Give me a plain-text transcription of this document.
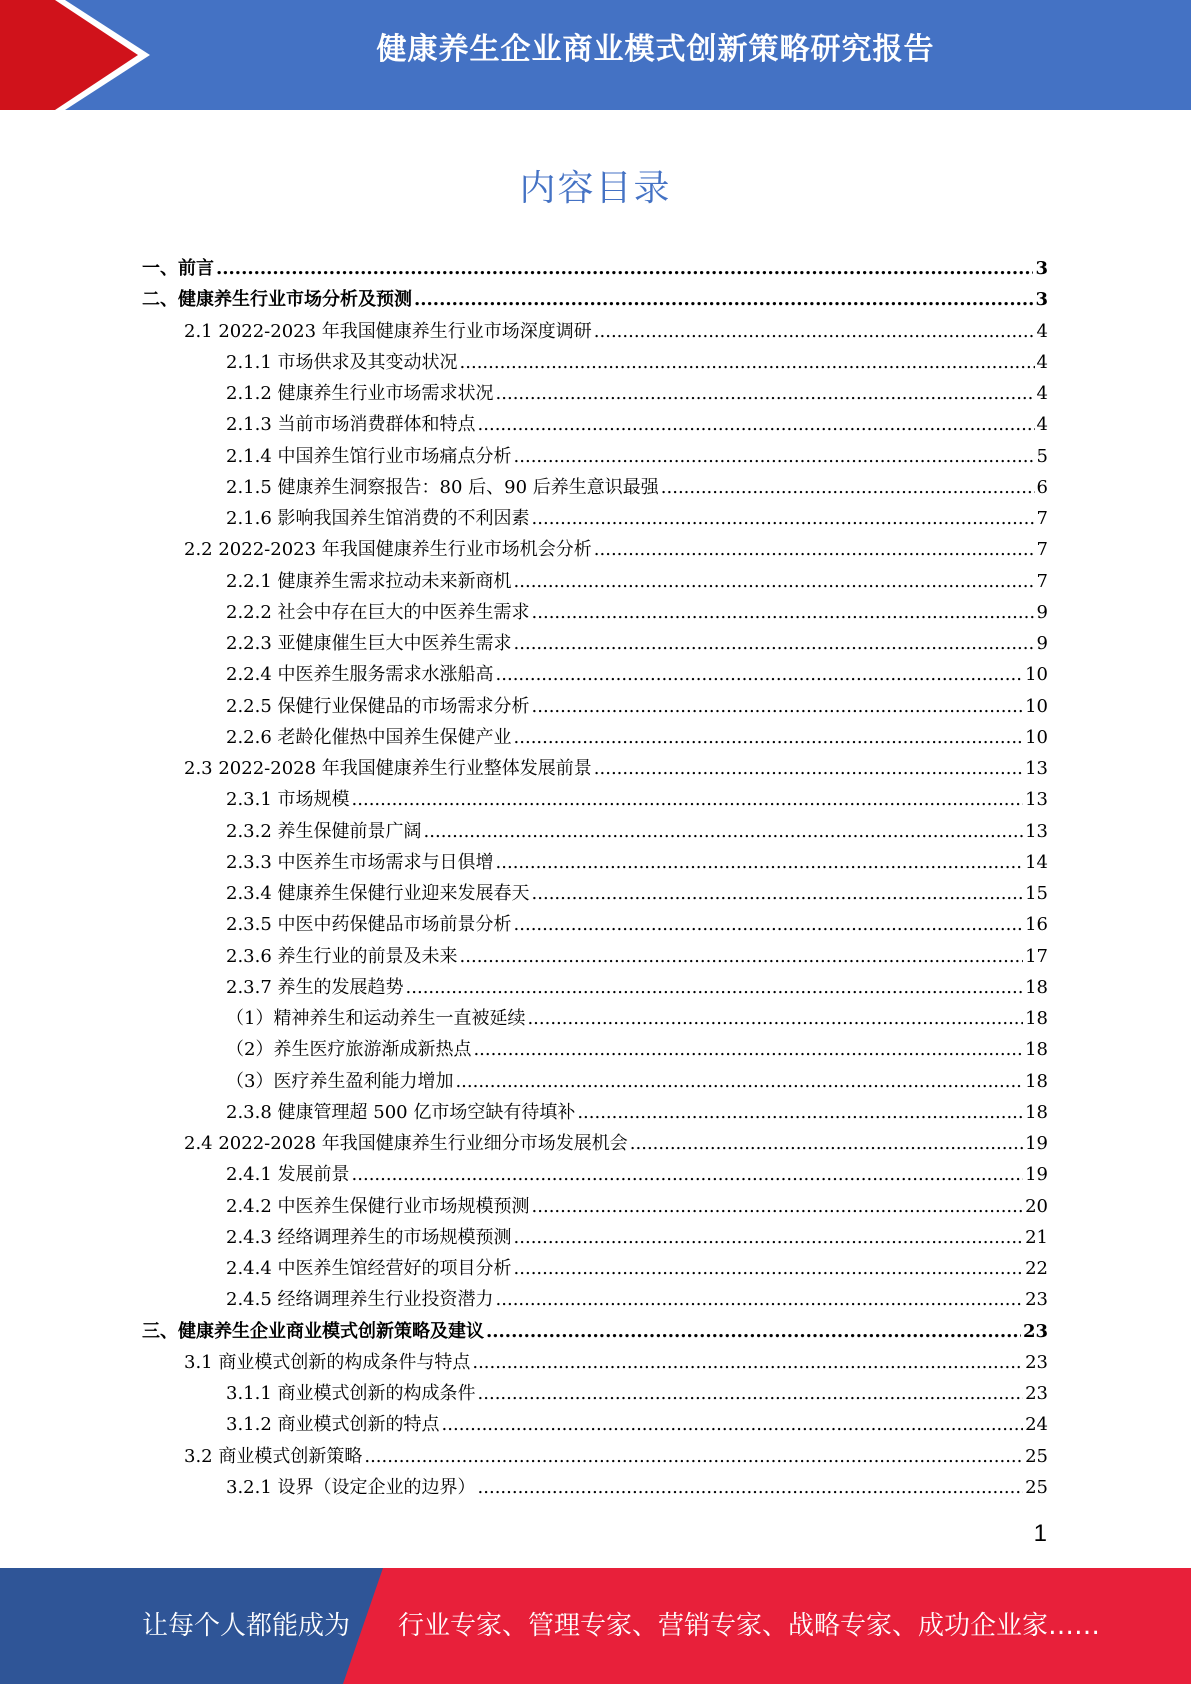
健康养生企业商业模式创新策略研究报告
内容目录
一、前言 .....	3
二、健康养生行业市场分析及预测 .....	3
2.1 2022-2023 年我国健康养生行业市场深度调研 .....	4
2.1.1 市场供求及其变动状况 .....	4
2.1.2 健康养生行业市场需求状况 .....	4
2.1.3 当前市场消费群体和特点 .....	4
2.1.4 中国养生馆行业市场痛点分析 .....	5
2.1.5 健康养生洞察报告：80 后、90 后养生意识最强 .....	6
2.1.6 影响我国养生馆消费的不利因素 .....	7
2.2 2022-2023 年我国健康养生行业市场机会分析 .....	7
2.2.1 健康养生需求拉动未来新商机 .....	7
2.2.2 社会中存在巨大的中医养生需求 .....	9
2.2.3 亚健康催生巨大中医养生需求 .....	9
2.2.4 中医养生服务需求水涨船高 .....	10
2.2.5 保健行业保健品的市场需求分析 .....	10
2.2.6 老龄化催热中国养生保健产业 .....	10
2.3 2022-2028 年我国健康养生行业整体发展前景 .....	13
2.3.1 市场规模 .....	13
2.3.2 养生保健前景广阔 .....	13
2.3.3 中医养生市场需求与日俱增 .....	14
2.3.4 健康养生保健行业迎来发展春天 .....	15
2.3.5 中医中药保健品市场前景分析 .....	16
2.3.6 养生行业的前景及未来 .....	17
2.3.7 养生的发展趋势 .....	18
（1）精神养生和运动养生一直被延续 .....	18
（2）养生医疗旅游渐成新热点 .....	18
（3）医疗养生盈利能力增加 .....	18
2.3.8 健康管理超 500 亿市场空缺有待填补 .....	18
2.4 2022-2028 年我国健康养生行业细分市场发展机会 .....	19
2.4.1 发展前景 .....	19
2.4.2 中医养生保健行业市场规模预测 .....	20
2.4.3 经络调理养生的市场规模预测 .....	21
2.4.4 中医养生馆经营好的项目分析 .....	22
2.4.5 经络调理养生行业投资潜力 .....	23
三、健康养生企业商业模式创新策略及建议 .....	23
3.1 商业模式创新的构成条件与特点 .....	23
3.1.1 商业模式创新的构成条件 .....	23
3.1.2 商业模式创新的特点 .....	24
3.2 商业模式创新策略 .....	25
3.2.1 设界（设定企业的边界） .....	25
1
让每个人都能成为 行业专家、管理专家、营销专家、战略专家、成功企业家……
